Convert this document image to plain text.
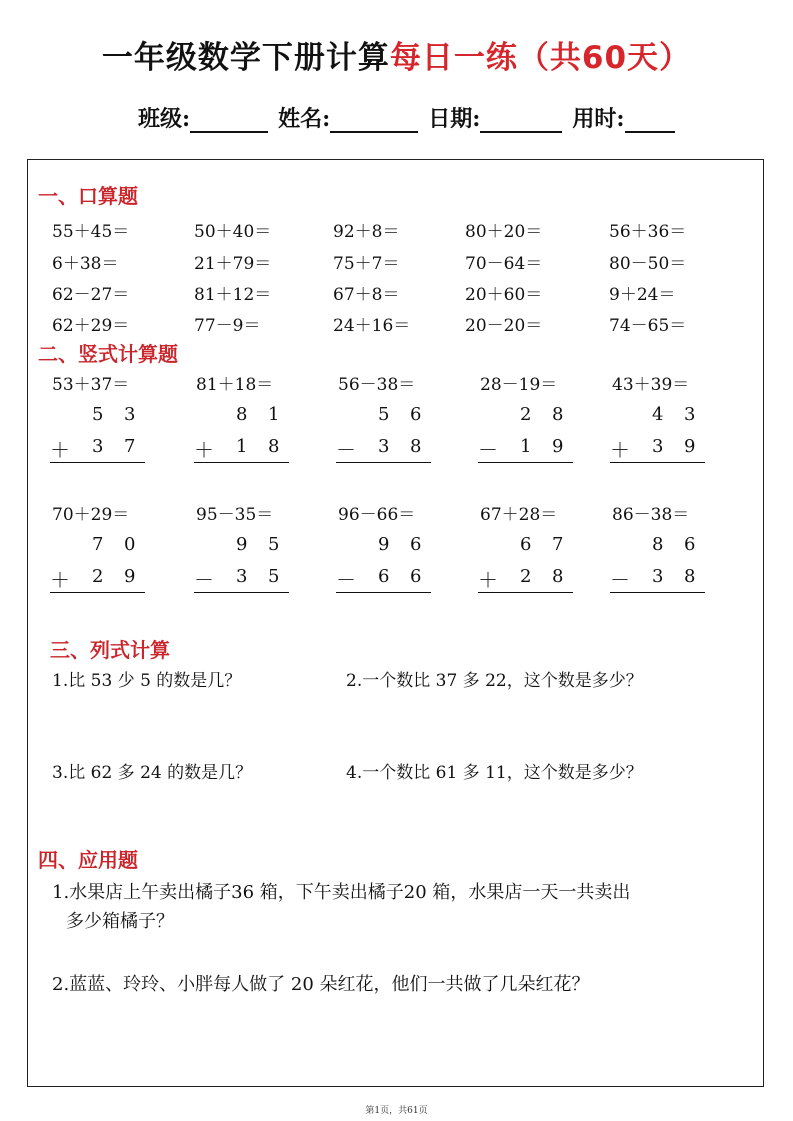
一年级数学下册计算每日一练（共60天）
班级:	姓名:	日期:	用时:
一、口算题
55＋45＝	50＋40＝	92＋8＝	80＋20＝	56＋36＝
6＋38＝	21＋79＝	75＋7＝	70－64＝	80－50＝
62－27＝	81＋12＝	67＋8＝	20＋60＝	9＋24＝
62＋29＝	77－9＝	24＋16＝	20－20＝	74－65＝
二、竖式计算题
53＋37＝
5 3
＋ 3 7
81＋18＝
8 1
＋ 1 8
56－38＝
5 6
－ 3 8
28－19＝
2 8
－ 1 9
43＋39＝
4 3
＋ 3 9
70＋29＝
7 0
＋ 2 9
95－35＝
9 5
－ 3 5
96－66＝
9 6
－ 6 6
67＋28＝
6 7
＋ 2 8
86－38＝
8 6
－ 3 8
三、列式计算
1.比 53 少 5 的数是几？	2.一个数比 37 多 22，这个数是多少？
3.比 62 多 24 的数是几？	4.一个数比 61 多 11，这个数是多少？
四、应用题
1.水果店上午卖出橘子36 箱，下午卖出橘子20 箱，水果店一天一共卖出
多少箱橘子？
2.蓝蓝、玲玲、小胖每人做了 20 朵红花，他们一共做了几朵红花？
第1页，共61页
